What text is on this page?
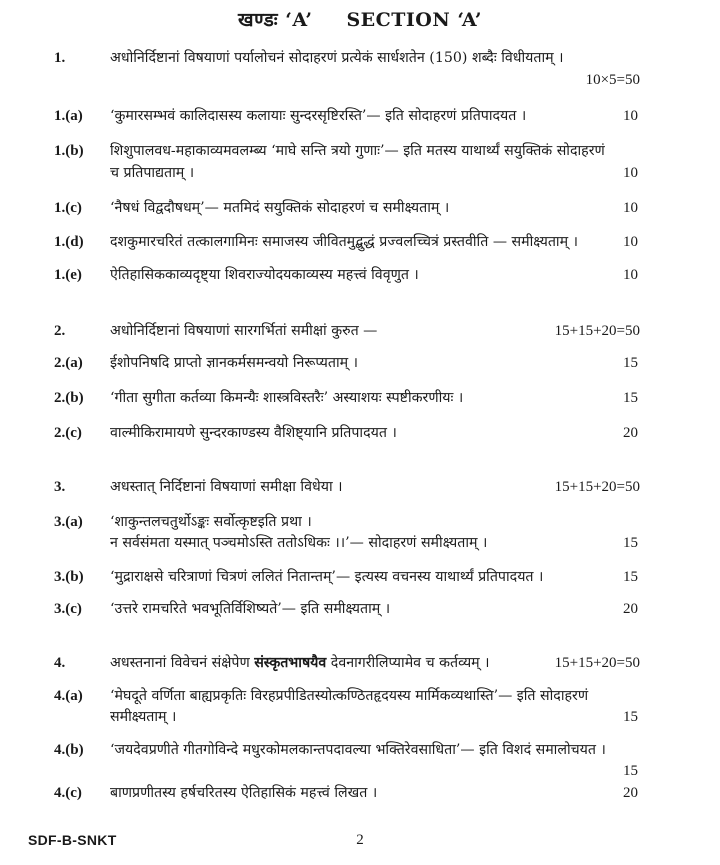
खण्डः ‘A’ SECTION ‘A’
1.	अधोनिर्दिष्टानां विषयाणां पर्यालोचनं सोदाहरणं प्रत्येकं सार्धशतेन (150) शब्दैः विधीयताम् ।
10×5=50
1.(a) ‘कुमारसम्भवं कालिदासस्य कलायाः सुन्दरसृष्टिरस्ति’— इति सोदाहरणं प्रतिपादयत ।	10
1.(b) शिशुपालवध-महाकाव्यमवलम्ब्य ‘माघे सन्ति त्रयो गुणाः’— इति मतस्य याथार्थ्यं सयुक्तिकं सोदाहरणं
च प्रतिपाद्यताम् ।	10
1.(c) ‘नैषधं विद्वदौषधम्’— मतमिदं सयुक्तिकं सोदाहरणं च समीक्ष्यताम् ।	10
1.(d) दशकुमारचरितं तत्कालगामिनः समाजस्य जीवितमुद्बुद्धं प्रज्वलच्चित्रं प्रस्तवीति — समीक्ष्यताम् ।	10
1.(e) ऐतिहासिककाव्यदृष्ट्या शिवराज्योदयकाव्यस्य महत्त्वं विवृणुत ।	10
2.	अधोनिर्दिष्टानां विषयाणां सारगर्भितां समीक्षां कुरुत —	15+15+20=50
2.(a) ईशोपनिषदि प्राप्तो ज्ञानकर्मसमन्वयो निरूप्यताम् ।	15
2.(b) ‘गीता सुगीता कर्तव्या किमन्यैः शास्त्रविस्तरैः’ अस्याशयः स्पष्टीकरणीयः ।	15
2.(c) वाल्मीकिरामायणे सुन्दरकाण्डस्य वैशिष्ट्यानि प्रतिपादयत ।	20
3.	अधस्तात् निर्दिष्टानां विषयाणां समीक्षा विधेया ।	15+15+20=50
3.(a) ‘शाकुन्तलचतुर्थोऽङ्कः सर्वोत्कृष्टइति प्रथा ।
न सर्वसंमता यस्मात् पञ्चमोऽस्ति ततोऽधिकः ।।’— सोदाहरणं समीक्ष्यताम् ।	15
3.(b) ‘मुद्राराक्षसे चरित्राणां चित्रणं ललितं नितान्तम्’— इत्यस्य वचनस्य याथार्थ्यं प्रतिपादयत ।	15
3.(c) ‘उत्तरे रामचरिते भवभूतिर्विशिष्यते’— इति समीक्ष्यताम् ।	20
4.	अधस्तनानां विवेचनं संक्षेपेण संस्कृतभाषयैव देवनागरीलिप्यामेव च कर्तव्यम् ।	15+15+20=50
4.(a) ‘मेघदूते वर्णिता बाह्यप्रकृतिः विरहप्रपीडितस्योत्कण्ठितहृदयस्य मार्मिकव्यथास्ति’— इति सोदाहरणं
समीक्ष्यताम् ।	15
4.(b) ‘जयदेवप्रणीते गीतगोविन्दे मधुरकोमलकान्तपदावल्या भक्तिरेवसाधिता’— इति विशदं समालोचयत ।
15
4.(c) बाणप्रणीतस्य हर्षचरितस्य ऐतिहासिकं महत्त्वं लिखत ।	20
SDF-B-SNKT	2
